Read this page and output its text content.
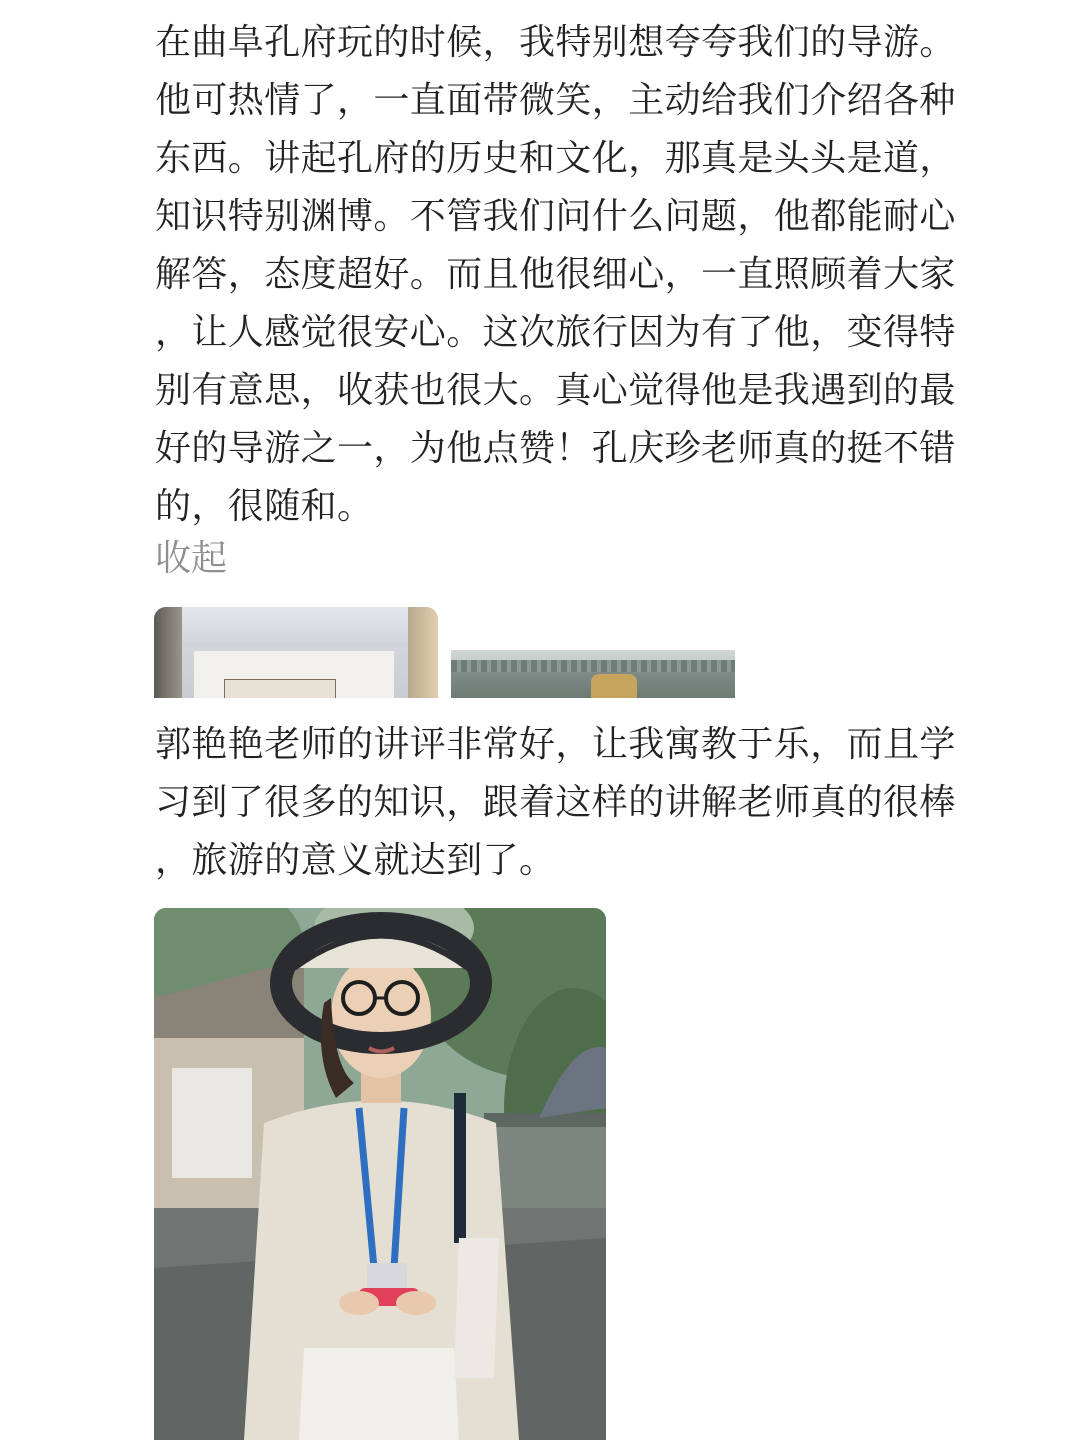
在曲阜孔府玩的时候，我特别想夸夸我们的导游。
他可热情了，一直面带微笑，主动给我们介绍各种
东西。讲起孔府的历史和文化，那真是头头是道，
知识特别渊博。不管我们问什么问题，他都能耐心
解答，态度超好。而且他很细心，一直照顾着大家
，让人感觉很安心。这次旅行因为有了他，变得特
别有意思，收获也很大。真心觉得他是我遇到的最
好的导游之一，为他点赞！孔庆珍老师真的挺不错
的，很随和。

收起

郭艳艳老师的讲评非常好，让我寓教于乐，而且学
习到了很多的知识，跟着这样的讲解老师真的很棒
，旅游的意义就达到了。
